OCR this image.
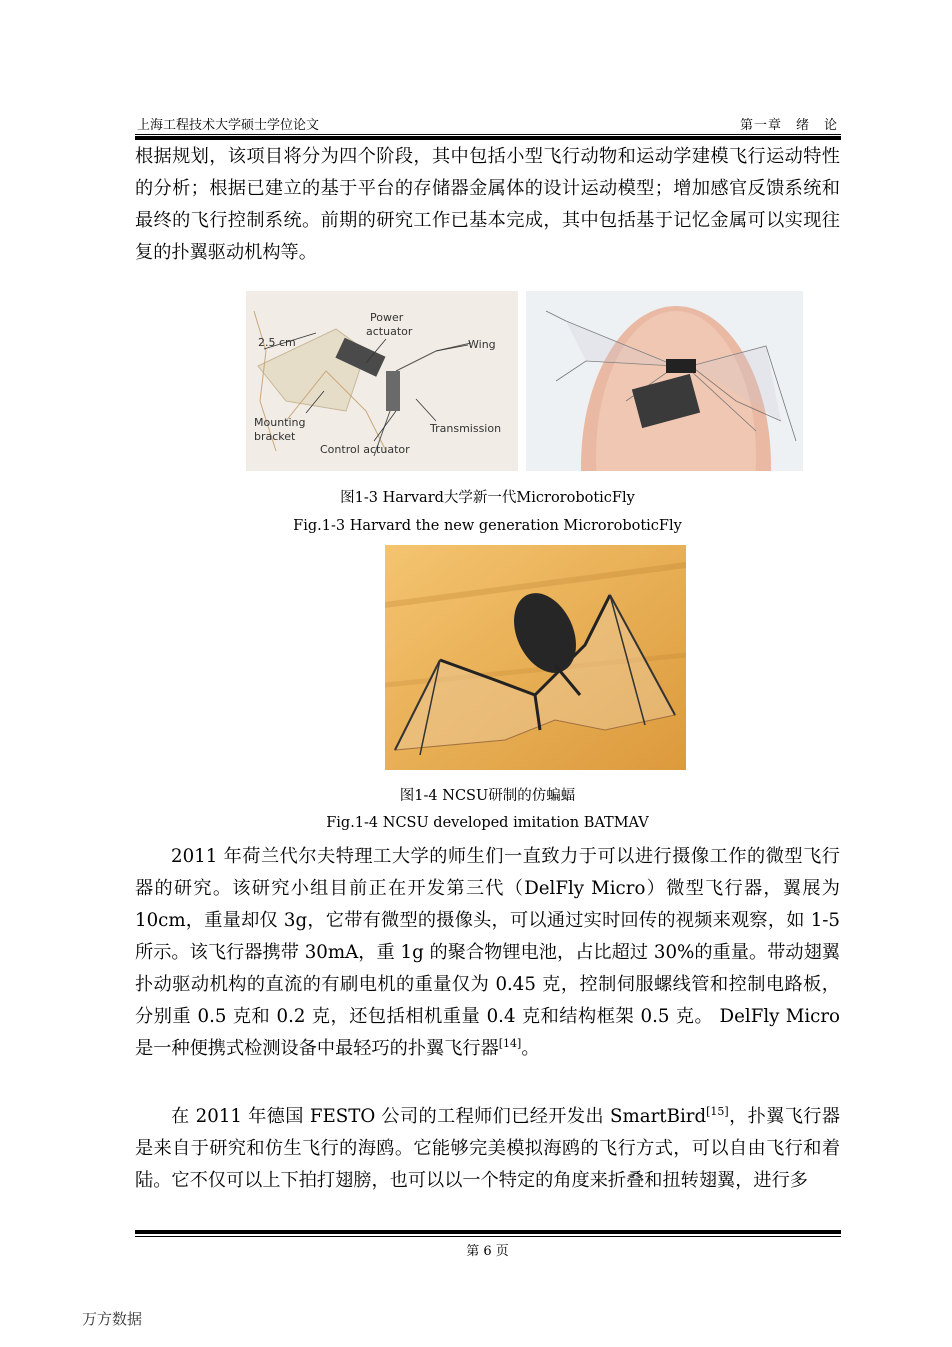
上海工程技术大学硕士学位论文	第一章　绪　论

根据规划，该项目将分为四个阶段，其中包括小型飞行动物和运动学建模飞行运动特性的分析；根据已建立的基于平台的存储器金属体的设计运动模型；增加感官反馈系统和最终的飞行控制系统。前期的研究工作已基本完成，其中包括基于记忆金属可以实现往复的扑翼驱动机构等。

2.5 cm
Power
actuator
Wing
Mounting
bracket
Transmission
Control actuator
图1-3 Harvard大学新一代MicroroboticFly
Fig.1-3 Harvard the new generation MicroroboticFly
图1-4 NCSU研制的仿蝙蝠
Fig.1-4 NCSU developed imitation BATMAV

2011 年荷兰代尔夫特理工大学的师生们一直致力于可以进行摄像工作的微型飞行器的研究。该研究小组目前正在开发第三代（DelFly Micro）微型飞行器，翼展为10cm，重量却仅 3g，它带有微型的摄像头，可以通过实时回传的视频来观察，如 1-5所示。该飞行器携带 30mA，重 1g 的聚合物锂电池，占比超过 30%的重量。带动翅翼扑动驱动机构的直流的有刷电机的重量仅为 0.45 克，控制伺服螺线管和控制电路板，分别重 0.5 克和 0.2 克，还包括相机重量 0.4 克和结构框架 0.5 克。 DelFly Micro是一种便携式检测设备中最轻巧的扑翼飞行器[14]。

在 2011 年德国 FESTO 公司的工程师们已经开发出 SmartBird[15]，扑翼飞行器是来自于研究和仿生飞行的海鸥。它能够完美模拟海鸥的飞行方式，可以自由飞行和着陆。它不仅可以上下拍打翅膀，也可以以一个特定的角度来折叠和扭转翅翼，进行多

第 6 页
万方数据
